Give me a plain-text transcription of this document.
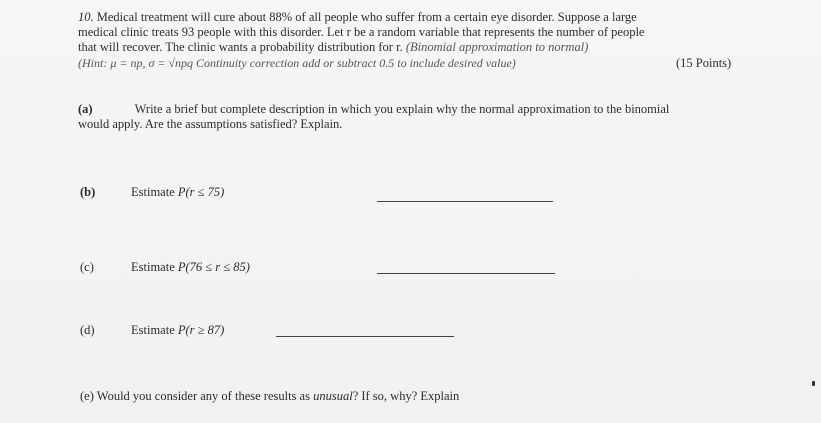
10. Medical treatment will cure about 88% of all people who suffer from a certain eye disorder. Suppose a large
medical clinic treats 93 people with this disorder. Let r be a random variable that represents the number of people
that will recover. The clinic wants a probability distribution for r. (Binomial approximation to normal)
(Hint: μ = np, σ = √npq Continuity correction add or subtract 0.5 to include desired value)	(15 Points)
(a)	Write a brief but complete description in which you explain why the normal approximation to the binomial
would apply. Are the assumptions satisfied? Explain.
(b)	Estimate P(r ≤ 75)
(c)	Estimate P(76 ≤ r ≤ 85)
(d)	Estimate P(r ≥ 87)
(e) Would you consider any of these results as unusual? If so, why? Explain
